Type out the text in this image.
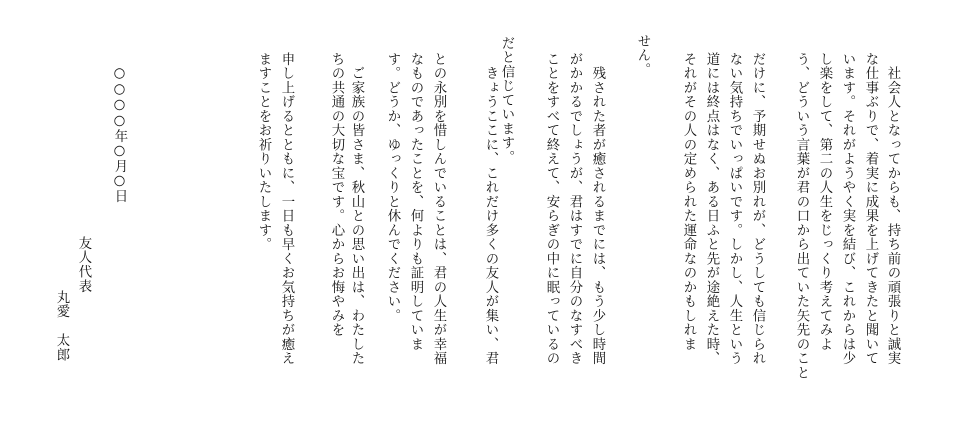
　社会人となってからも、持ち前の頑張りと誠実
な仕事ぶりで、着実に成果を上げてきたと聞いて
います。それがようやく実を結び、これからは少
し楽をして、第二の人生をじっくり考えてみよ
う、どういう言葉が君の口から出ていた矢先のこと
だけに、予期せぬお別れが、どうしても信じられ
ない気持ちでいっぱいです。しかし、人生という
道には終点はなく、ある日ふと先が途絶えた時、
それがその人の定められた運命なのかもしれま
せん。
　残された者が癒されるまでには、もう少し時間
がかかるでしょうが、君はすでに自分のなすべき
ことをすべて終えて、安らぎの中に眠っているの
だと信じています。
　きょうここに、これだけ多くの友人が集い、君
との永別を惜しんでいることは、君の人生が幸福
なものであったことを、何よりも証明していま
す。どうか、ゆっくりと休んでください。
　ご家族の皆さま、秋山との思い出は、わたした
ちの共通の大切な宝です。心からお悔やみを
申し上げるとともに、一日も早くお気持ちが癒え
ますことをお祈りいたします。
○○○○年○月○日
友人代表
丸愛　太郎
